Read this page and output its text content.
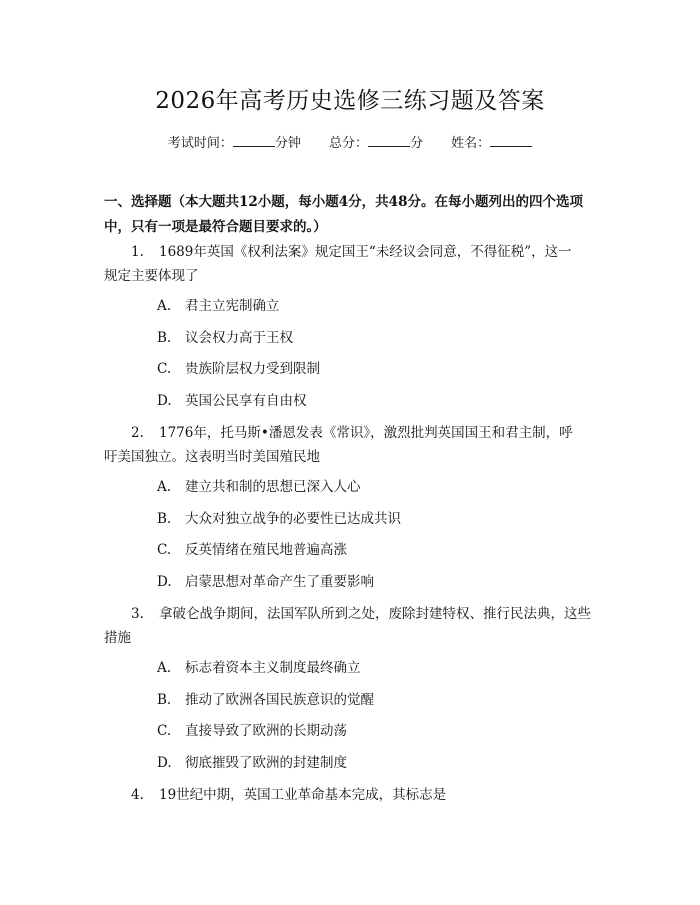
2026年高考历史选修三练习题及答案
考试时间：	分钟 总分：	分 姓名：
一、选择题（本大题共12小题，每小题4分，共48分。在每小题列出的四个选项中，只有一项是最符合题目要求的。）
1. 1689年英国《权利法案》规定国王“未经议会同意，不得征税”，这一
规定主要体现了
A. 君主立宪制确立
B. 议会权力高于王权
C. 贵族阶层权力受到限制
D. 英国公民享有自由权
2. 1776年，托马斯•潘恩发表《常识》，激烈批判英国国王和君主制，呼
吁美国独立。这表明当时美国殖民地
A. 建立共和制的思想已深入人心
B. 大众对独立战争的必要性已达成共识
C. 反英情绪在殖民地普遍高涨
D. 启蒙思想对革命产生了重要影响
3. 拿破仑战争期间，法国军队所到之处，废除封建特权、推行民法典，这些
措施
A. 标志着资本主义制度最终确立
B. 推动了欧洲各国民族意识的觉醒
C. 直接导致了欧洲的长期动荡
D. 彻底摧毁了欧洲的封建制度
4. 19世纪中期，英国工业革命基本完成，其标志是
